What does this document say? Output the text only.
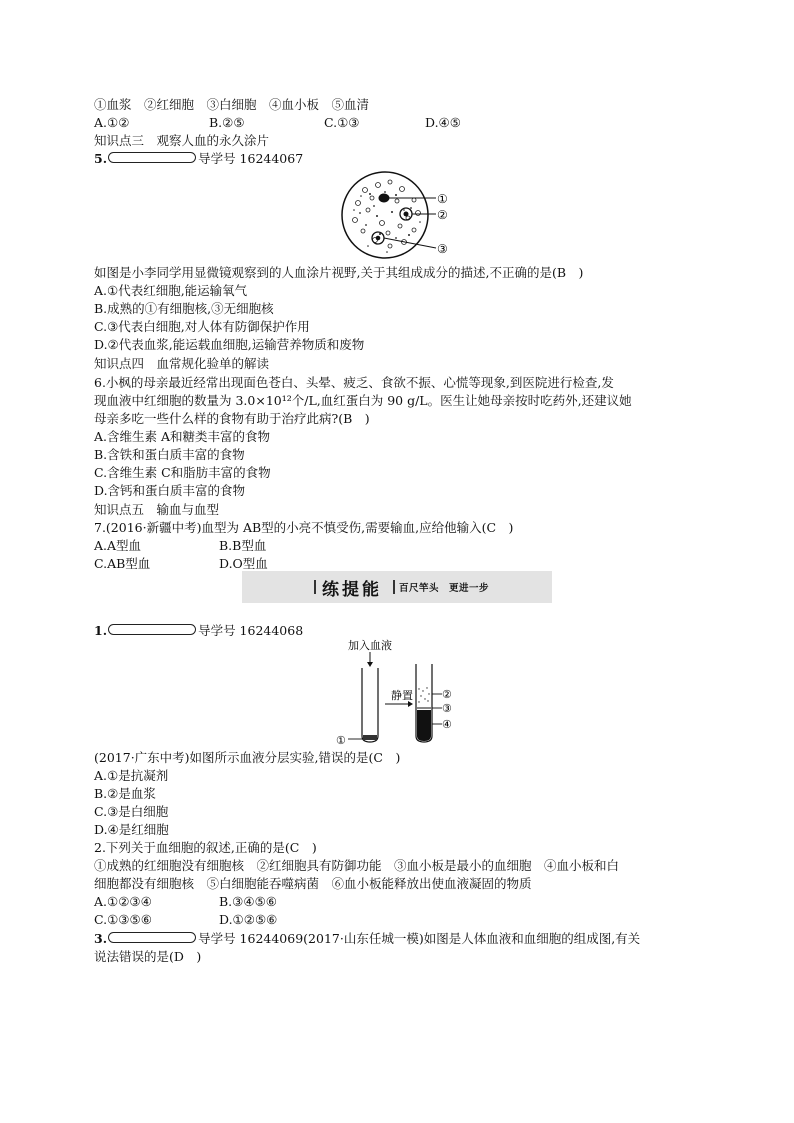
①血浆　②红细胞　③白细胞　④血小板　⑤血清
A.①②	B.②⑤	C.①③	D.④⑤
知识点三　观察人血的永久涂片
5.	导学号 16244067
①
②
③
如图是小李同学用显微镜观察到的人血涂片视野,关于其组成成分的描述,不正确的是(B　)
A.①代表红细胞,能运输氧气
B.成熟的①有细胞核,③无细胞核
C.③代表白细胞,对人体有防御保护作用
D.②代表血浆,能运载血细胞,运输营养物质和废物
知识点四　血常规化验单的解读
6.小枫的母亲最近经常出现面色苍白、头晕、疲乏、食欲不振、心慌等现象,到医院进行检查,发
现血液中红细胞的数量为 3.0×10¹²个/L,血红蛋白为 90 g/L。医生让她母亲按时吃药外,还建议她
母亲多吃一些什么样的食物有助于治疗此病?(B　)
A.含维生素 A和糖类丰富的食物
B.含铁和蛋白质丰富的食物
C.含维生素 C和脂肪丰富的食物
D.含钙和蛋白质丰富的食物
知识点五　输血与血型
7.(2016·新疆中考)血型为 AB型的小亮不慎受伤,需要输血,应给他输入(C　)
A.A型血	B.B型血
C.AB型血	D.O型血
练提能 百尺竿头　更进一步
1.	导学号 16244068
加入血液
①
静置	②
③
④
(2017·广东中考)如图所示血液分层实验,错误的是(C　)
A.①是抗凝剂
B.②是血浆
C.③是白细胞
D.④是红细胞
2.下列关于血细胞的叙述,正确的是(C　)
①成熟的红细胞没有细胞核　②红细胞具有防御功能　③血小板是最小的血细胞　④血小板和白
细胞都没有细胞核　⑤白细胞能吞噬病菌　⑥血小板能释放出使血液凝固的物质
A.①②③④	B.③④⑤⑥
C.①③⑤⑥	D.①②⑤⑥
3.	导学号 16244069(2017·山东任城一模)如图是人体血液和血细胞的组成图,有关
说法错误的是(D　)
